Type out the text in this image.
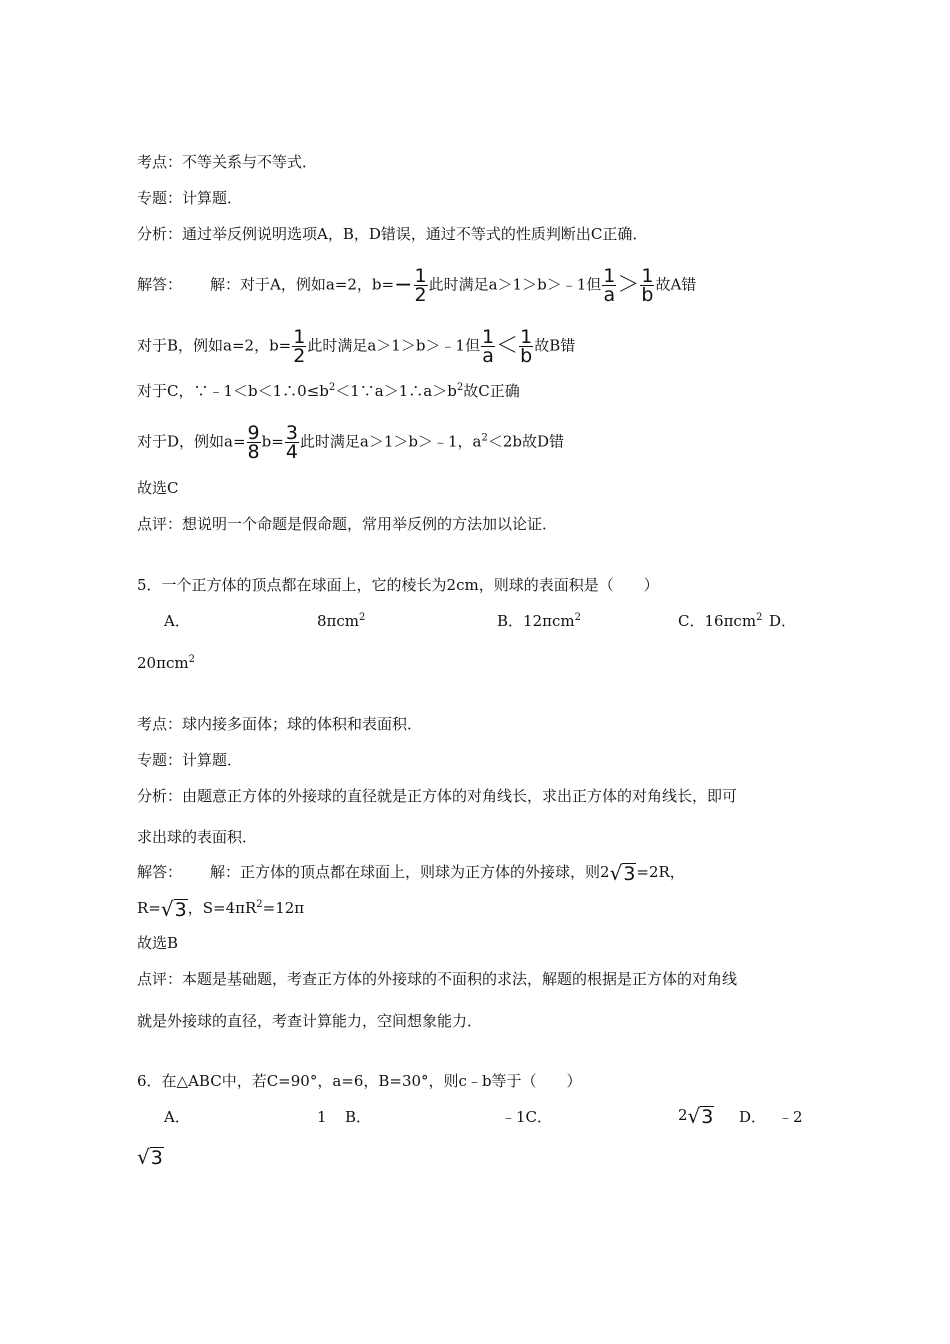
考点：不等关系与不等式．
专题：计算题．
分析：通过举反例说明选项A，B，D错误，通过不等式的性质判断出C正确．
解答： 解：对于A，例如a=2，$b=- \frac{1}{2}$ 此时满足a＞1＞b＞﹣1但 $\frac{1}{a} > \frac{1}{b}$ 故A错
对于B，例如a=2，$b= \frac{1}{2}$ 此时满足a＞1＞b＞﹣1但 $\frac{1}{a} < \frac{1}{b}$ 故B错
对于C，$\because﹣1<b<1\therefore 0\le b^2<1\because a>1\therefore a>b^2$故C正确
对于D，例如$a= \frac{9}{8} b= \frac{3}{4}$ 此时满足a＞1＞b＞﹣1，$a^2<2b$故D错
故选C
点评：想说明一个命题是假命题，常用举反例的方法加以论证．
5．一个正方体的顶点都在球面上，它的棱长为2cm，则球的表面积是（　　）
A．	8πcm$^2$	B．12πcm$^2$	C．16πcm$^2$ D．
20πcm$^2$
考点：球内接多面体；球的体积和表面积．
专题：计算题．
分析：由题意正方体的外接球的直径就是正方体的对角线长，求出正方体的对角线长，即可
求出球的表面积．
解答： 解：正方体的顶点都在球面上，则球为正方体的外接球，则2 √ 3 =2R，
R= √ 3 ，$S=4\pi R^2=12\pi$
故选B
点评：本题是基础题，考查正方体的外接球的不面积的求法，解题的根据是正方体的对角线
就是外接球的直径，考查计算能力，空间想象能力．
6．在△ABC中，若C=90°，a=6，B=30°，则c﹣b等于（　　）
A．	1 B．	﹣1C．	2 √ 3 D． ﹣2
√ 3
